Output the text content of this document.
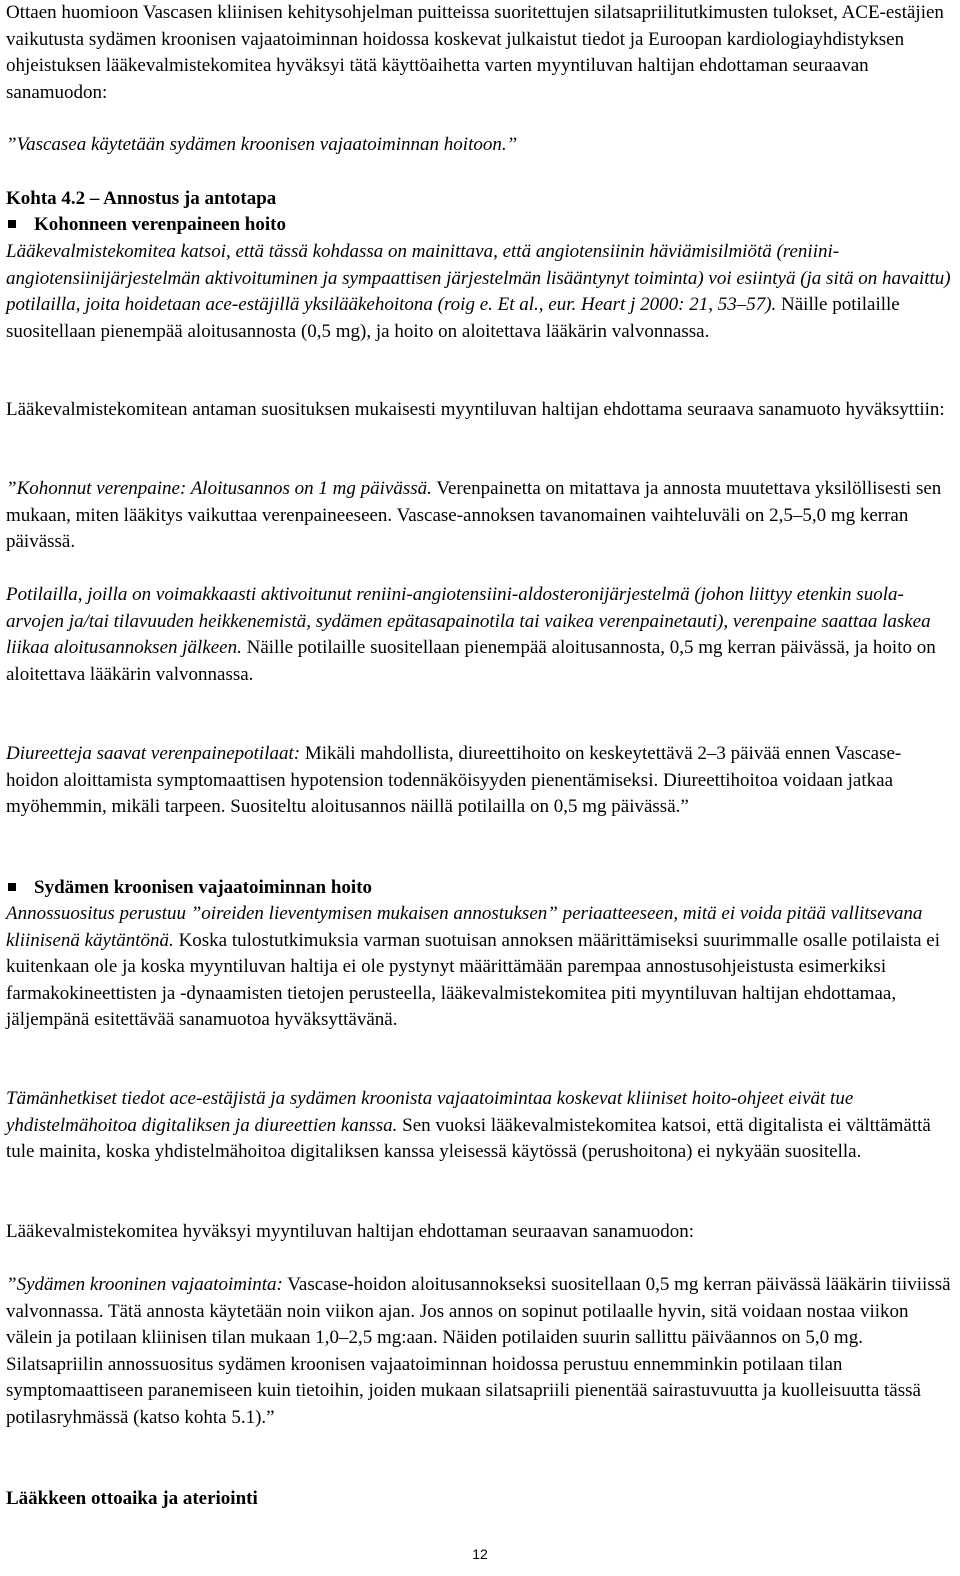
Ottaen huomioon Vascasen kliinisen kehitysohjelman puitteissa suoritettujen silatsapriilitutkimusten tulokset, ACE-estäjien vaikutusta sydämen kroonisen vajaatoiminnan hoidossa koskevat julkaistut tiedot ja Euroopan kardiologiayhdistyksen ohjeistuksen lääkevalmistekomitea hyväksyi tätä käyttöaihetta varten myyntiluvan haltijan ehdottaman seuraavan sanamuodon:

”Vascasea käytetään sydämen kroonisen vajaatoiminnan hoitoon.”

Kohta 4.2 – Annostus ja antotapa

Kohonneen verenpaineen hoito

Lääkevalmistekomitea katsoi, että tässä kohdassa on mainittava, että angiotensiinin häviämisilmiötä (reniini-angiotensiinijärjestelmän aktivoituminen ja sympaattisen järjestelmän lisääntynyt toiminta) voi esiintyä (ja sitä on havaittu) potilailla, joita hoidetaan ace-estäjillä yksilääkehoitona (roig e. Et al., eur. Heart j 2000: 21, 53–57). Näille potilaille suositellaan pienempää aloitusannosta (0,5 mg), ja hoito on aloitettava lääkärin valvonnassa.

Lääkevalmistekomitean antaman suosituksen mukaisesti myyntiluvan haltijan ehdottama seuraava sanamuoto hyväksyttiin:

”Kohonnut verenpaine: Aloitusannos on 1 mg päivässä. Verenpainetta on mitattava ja annosta muutettava yksilöllisesti sen mukaan, miten lääkitys vaikuttaa verenpaineeseen. Vascase-annoksen tavanomainen vaihteluväli on 2,5–5,0 mg kerran päivässä.

Potilailla, joilla on voimakkaasti aktivoitunut reniini-angiotensiini-aldosteronijärjestelmä (johon liittyy etenkin suola-arvojen ja/tai tilavuuden heikkenemistä, sydämen epätasapainotila tai vaikea verenpainetauti), verenpaine saattaa laskea liikaa aloitusannoksen jälkeen. Näille potilaille suositellaan pienempää aloitusannosta, 0,5 mg kerran päivässä, ja hoito on aloitettava lääkärin valvonnassa.

Diureetteja saavat verenpainepotilaat: Mikäli mahdollista, diureettihoito on keskeytettävä 2–3 päivää ennen Vascase-hoidon aloittamista symptomaattisen hypotension todennäköisyyden pienentämiseksi. Diureettihoitoa voidaan jatkaa myöhemmin, mikäli tarpeen. Suositeltu aloitusannos näillä potilailla on 0,5 mg päivässä.”

Sydämen kroonisen vajaatoiminnan hoito

Annossuositus perustuu ”oireiden lieventymisen mukaisen annostuksen” periaatteeseen, mitä ei voida pitää vallitsevana kliinisenä käytäntönä. Koska tulostutkimuksia varman suotuisan annoksen määrittämiseksi suurimmalle osalle potilaista ei kuitenkaan ole ja koska myyntiluvan haltija ei ole pystynyt määrittämään parempaa annostusohjeistusta esimerkiksi farmakokineettisten ja -dynaamisten tietojen perusteella, lääkevalmistekomitea piti myyntiluvan haltijan ehdottamaa, jäljempänä esitettävää sanamuotoa hyväksyttävänä.

Tämänhetkiset tiedot ace-estäjistä ja sydämen kroonista vajaatoimintaa koskevat kliiniset hoito-ohjeet eivät tue yhdistelmähoitoa digitaliksen ja diureettien kanssa. Sen vuoksi lääkevalmistekomitea katsoi, että digitalista ei välttämättä tule mainita, koska yhdistelmähoitoa digitaliksen kanssa yleisessä käytössä (perushoitona) ei nykyään suositella.

Lääkevalmistekomitea hyväksyi myyntiluvan haltijan ehdottaman seuraavan sanamuodon:

”Sydämen krooninen vajaatoiminta: Vascase-hoidon aloitusannokseksi suositellaan 0,5 mg kerran päivässä lääkärin tiiviissä valvonnassa. Tätä annosta käytetään noin viikon ajan. Jos annos on sopinut potilaalle hyvin, sitä voidaan nostaa viikon välein ja potilaan kliinisen tilan mukaan 1,0–2,5 mg:aan. Näiden potilaiden suurin sallittu päiväannos on 5,0 mg. Silatsapriilin annossuositus sydämen kroonisen vajaatoiminnan hoidossa perustuu ennemminkin potilaan tilan symptomaattiseen paranemiseen kuin tietoihin, joiden mukaan silatsapriili pienentää sairastuvuutta ja kuolleisuutta tässä potilasryhmässä (katso kohta 5.1).”

Lääkkeen ottoaika ja ateriointi

12
